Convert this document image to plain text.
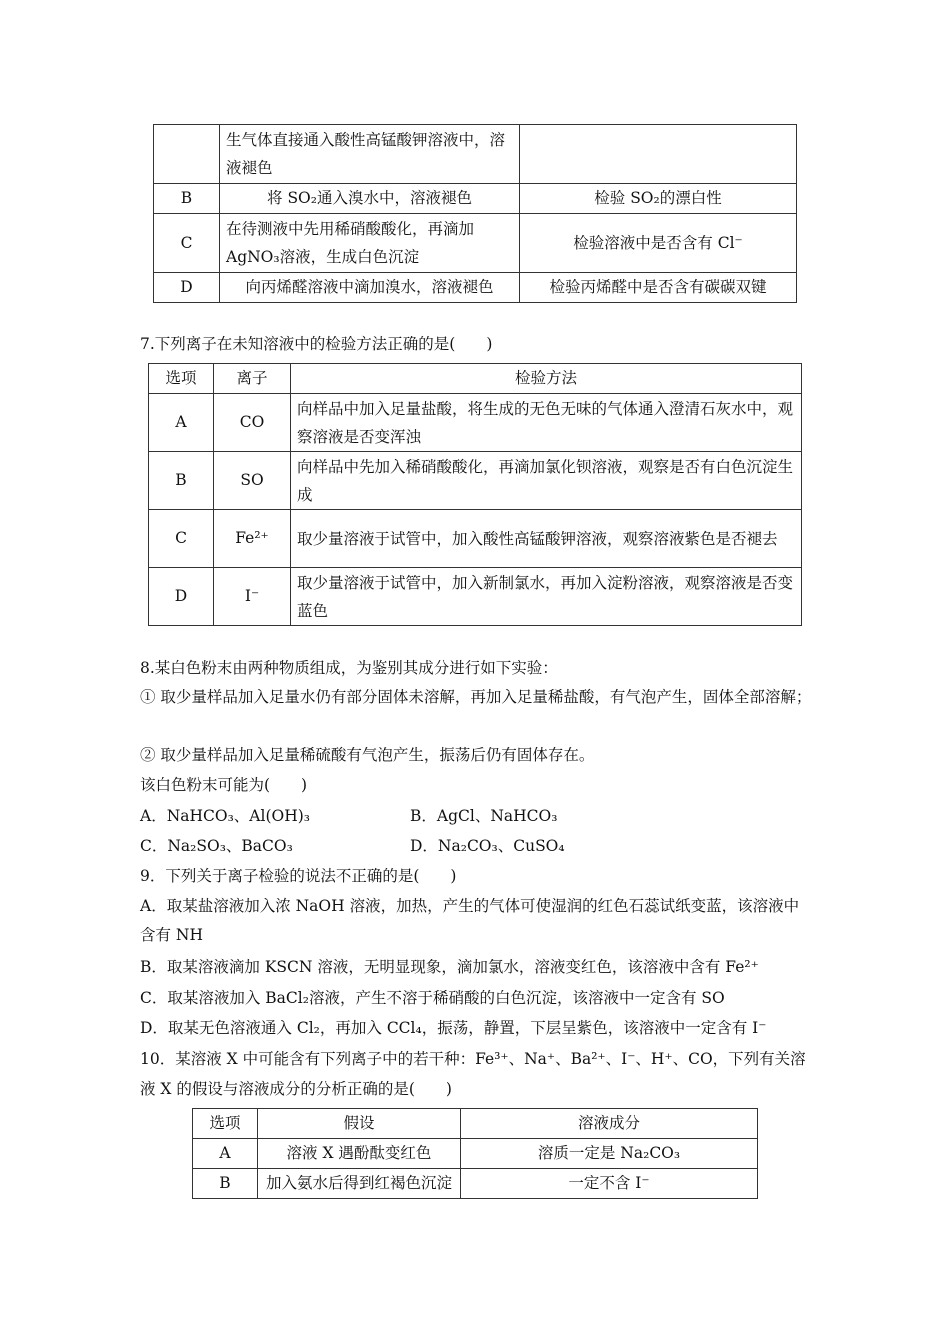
	生气体直接通入酸性高锰酸钾溶液中，溶液褪色	
B	将 SO₂通入溴水中，溶液褪色	检验 SO₂的漂白性
C	在待测液中先用稀硝酸酸化，再滴加 AgNO₃溶液，生成白色沉淀	检验溶液中是否含有 Cl⁻
D	向丙烯醛溶液中滴加溴水，溶液褪色	检验丙烯醛中是否含有碳碳双键
7.下列离子在未知溶液中的检验方法正确的是(　　)
选项	离子	检验方法
A	CO	向样品中加入足量盐酸，将生成的无色无味的气体通入澄清石灰水中，观察溶液是否变浑浊
B	SO	向样品中先加入稀硝酸酸化，再滴加氯化钡溶液，观察是否有白色沉淀生成
C	Fe²⁺	取少量溶液于试管中，加入酸性高锰酸钾溶液，观察溶液紫色是否褪去
D	I⁻	取少量溶液于试管中，加入新制氯水，再加入淀粉溶液，观察溶液是否变蓝色
8.某白色粉末由两种物质组成，为鉴别其成分进行如下实验：
① 取少量样品加入足量水仍有部分固体未溶解，再加入足量稀盐酸，有气泡产生，固体全部溶解；
② 取少量样品加入足量稀硫酸有气泡产生，振荡后仍有固体存在。
该白色粉末可能为(　　)
A．NaHCO₃、Al(OH)₃	B．AgCl、NaHCO₃
C．Na₂SO₃、BaCO₃	D．Na₂CO₃、CuSO₄
9．下列关于离子检验的说法不正确的是(　　)
A．取某盐溶液加入浓 NaOH 溶液，加热，产生的气体可使湿润的红色石蕊试纸变蓝，该溶液中含有 NH
B．取某溶液滴加 KSCN 溶液，无明显现象，滴加氯水，溶液变红色，该溶液中含有 Fe²⁺
C．取某溶液加入 BaCl₂溶液，产生不溶于稀硝酸的白色沉淀，该溶液中一定含有 SO
D．取某无色溶液通入 Cl₂，再加入 CCl₄，振荡，静置，下层呈紫色，该溶液中一定含有 I⁻
10．某溶液 X 中可能含有下列离子中的若干种：Fe³⁺、Na⁺、Ba²⁺、I⁻、H⁺、CO，下列有关溶液 X 的假设与溶液成分的分析正确的是(　　)
选项	假设	溶液成分
A	溶液 X 遇酚酞变红色	溶质一定是 Na₂CO₃
B	加入氨水后得到红褐色沉淀	一定不含 I⁻
